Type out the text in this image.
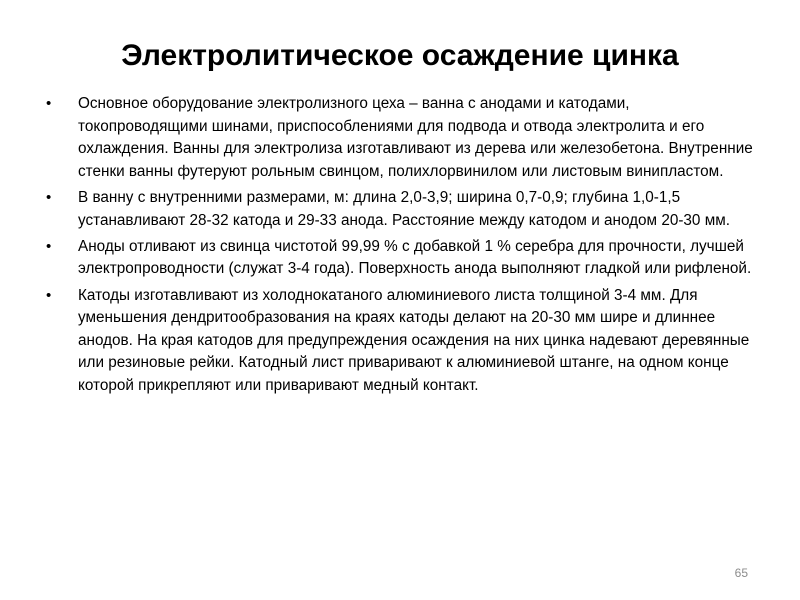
Электролитическое осаждение цинка
•	Основное оборудование электролизного цеха – ванна с анодами и катодами, токопроводящими шинами, приспособлениями для подвода и отвода электролита и его охлаждения. Ванны для электролиза изготавливают из дерева или железобетона. Внутренние стенки ванны футеруют рольным свинцом, полихлорвинилом или листовым винипластом.
•	В ванну с внутренними размерами, м: длина 2,0-3,9; ширина 0,7-0,9; глубина 1,0-1,5 устанавливают 28-32 катода и 29-33 анода. Расстояние между катодом и анодом 20-30 мм.
•	Аноды отливают из свинца чистотой 99,99 % с добавкой 1 % серебра для прочности, лучшей электропроводности (служат 3-4 года). Поверхность анода выполняют гладкой или рифленой.
•	Катоды изготавливают из холоднокатаного алюминиевого листа толщиной 3-4 мм. Для уменьшения дендритообразования на краях катоды делают на 20-30 мм шире и длиннее анодов. На края катодов для предупреждения осаждения на них цинка надевают деревянные или резиновые рейки. Катодный лист приваривают к алюминиевой штанге, на одном конце которой прикрепляют или приваривают медный контакт.
65
